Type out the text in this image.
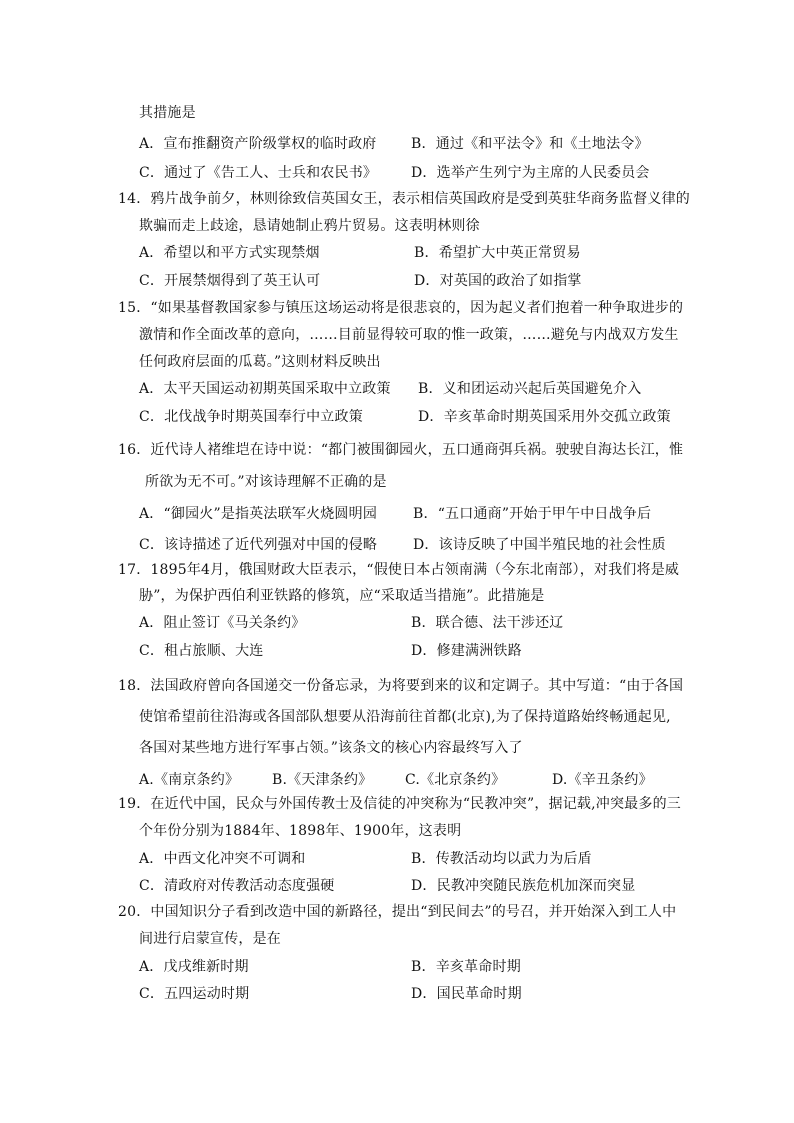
其措施是
A．宣布推翻资产阶级掌权的临时政府 B．通过《和平法令》和《土地法令》
C．通过了《告工人、士兵和农民书》 D．选举产生列宁为主席的人民委员会
14．鸦片战争前夕，林则徐致信英国女王，表示相信英国政府是受到英驻华商务监督义律的
欺骗而走上歧途，恳请她制止鸦片贸易。这表明林则徐
A．希望以和平方式实现禁烟	B．希望扩大中英正常贸易
C．开展禁烟得到了英王认可	D．对英国的政治了如指掌
15．“如果基督教国家参与镇压这场运动将是很悲哀的，因为起义者们抱着一种争取进步的
激情和作全面改革的意向，……目前显得较可取的惟一政策，……避免与内战双方发生
任何政府层面的瓜葛。”这则材料反映出
A．太平天国运动初期英国采取中立政策 B．义和团运动兴起后英国避免介入
C．北伐战争时期英国奉行中立政策	D．辛亥革命时期英国采用外交孤立政策
16．近代诗人褚维垲在诗中说：“都门被围御园火，五口通商弭兵祸。驶驶自海达长江，惟
所欲为无不可。”对该诗理解不正确的是
A．“御园火”是指英法联军火烧圆明园	B．“五口通商”开始于甲午中日战争后
C．该诗描述了近代列强对中国的侵略	D．该诗反映了中国半殖民地的社会性质
17．1895年4月，俄国财政大臣表示，“假使日本占领南满（今东北南部），对我们将是威
胁”，为保护西伯利亚铁路的修筑，应“采取适当措施”。此措施是
A．阻止签订《马关条约》	B．联合德、法干涉还辽
C．租占旅顺、大连	D．修建满洲铁路
18．法国政府曾向各国递交一份备忘录，为将要到来的议和定调子。其中写道：“由于各国
使馆希望前往沿海或各国部队想要从沿海前往首都(北京),为了保持道路始终畅通起见,
各国对某些地方进行军事占领。”该条文的核心内容最终写入了
A.《南京条约》 B.《天津条约》 C.《北京条约》	D.《辛丑条约》
19．在近代中国，民众与外国传教士及信徒的冲突称为“民教冲突”，据记载,冲突最多的三
个年份分别为1884年、1898年、1900年，这表明
A．中西文化冲突不可调和	B．传教活动均以武力为后盾
C．清政府对传教活动态度强硬	D．民教冲突随民族危机加深而突显
20．中国知识分子看到改造中国的新路径，提出“到民间去”的号召，并开始深入到工人中
间进行启蒙宣传，是在
A．戊戌维新时期	B．辛亥革命时期
C．五四运动时期	D．国民革命时期
